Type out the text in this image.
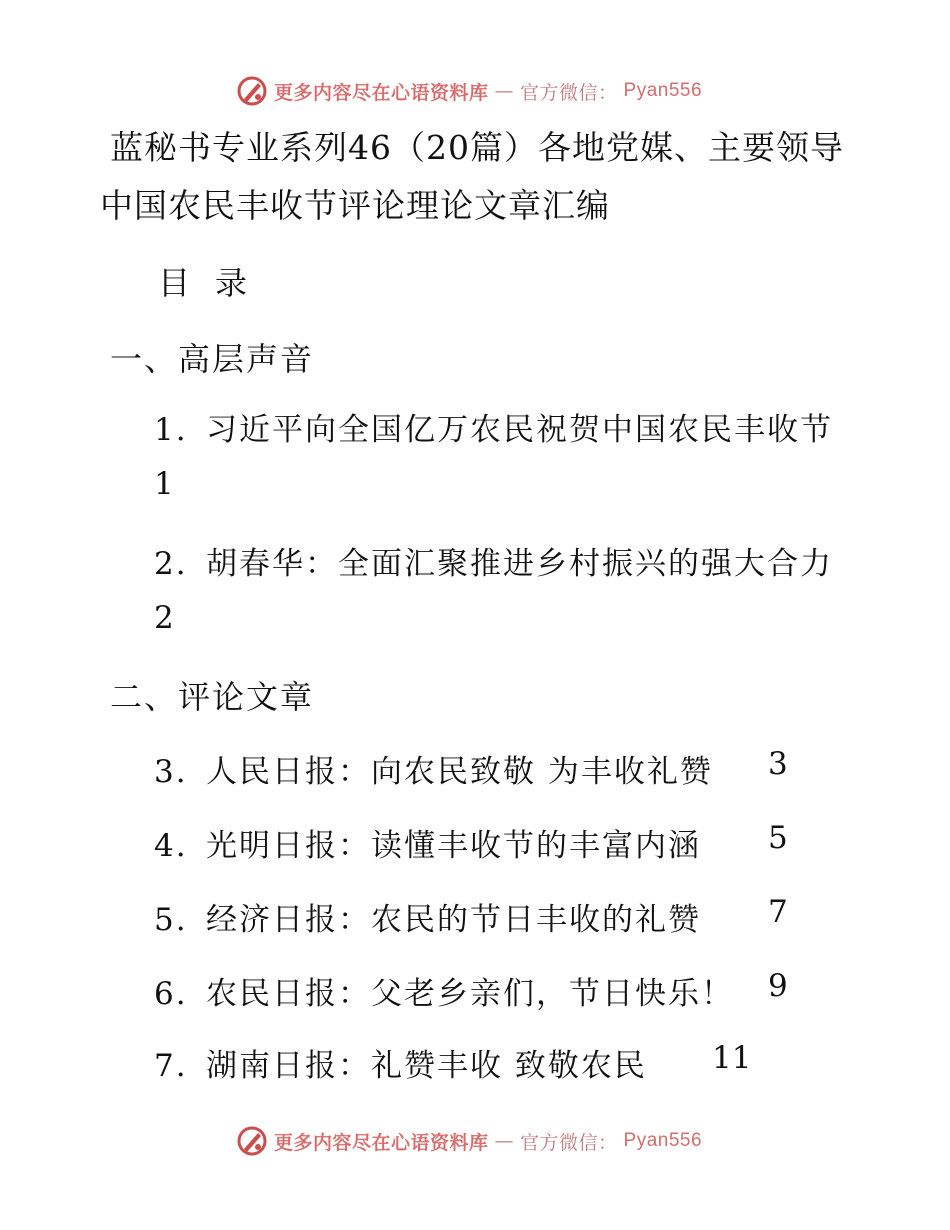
更多内容尽在心语资料库 — 官方微信： Pyan556
蓝秘书专业系列46（20篇）各地党媒、主要领导
中国农民丰收节评论理论文章汇编
目 录
一、高层声音
1. 习近平向全国亿万农民祝贺中国农民丰收节
1
2. 胡春华：全面汇聚推进乡村振兴的强大合力
2
二、评论文章
3. 人民日报：向农民致敬 为丰收礼赞 3
4. 光明日报：读懂丰收节的丰富内涵 5
5. 经济日报：农民的节日丰收的礼赞 7
6. 农民日报：父老乡亲们，节日快乐！ 9
7. 湖南日报：礼赞丰收 致敬农民 11
更多内容尽在心语资料库 — 官方微信： Pyan556
